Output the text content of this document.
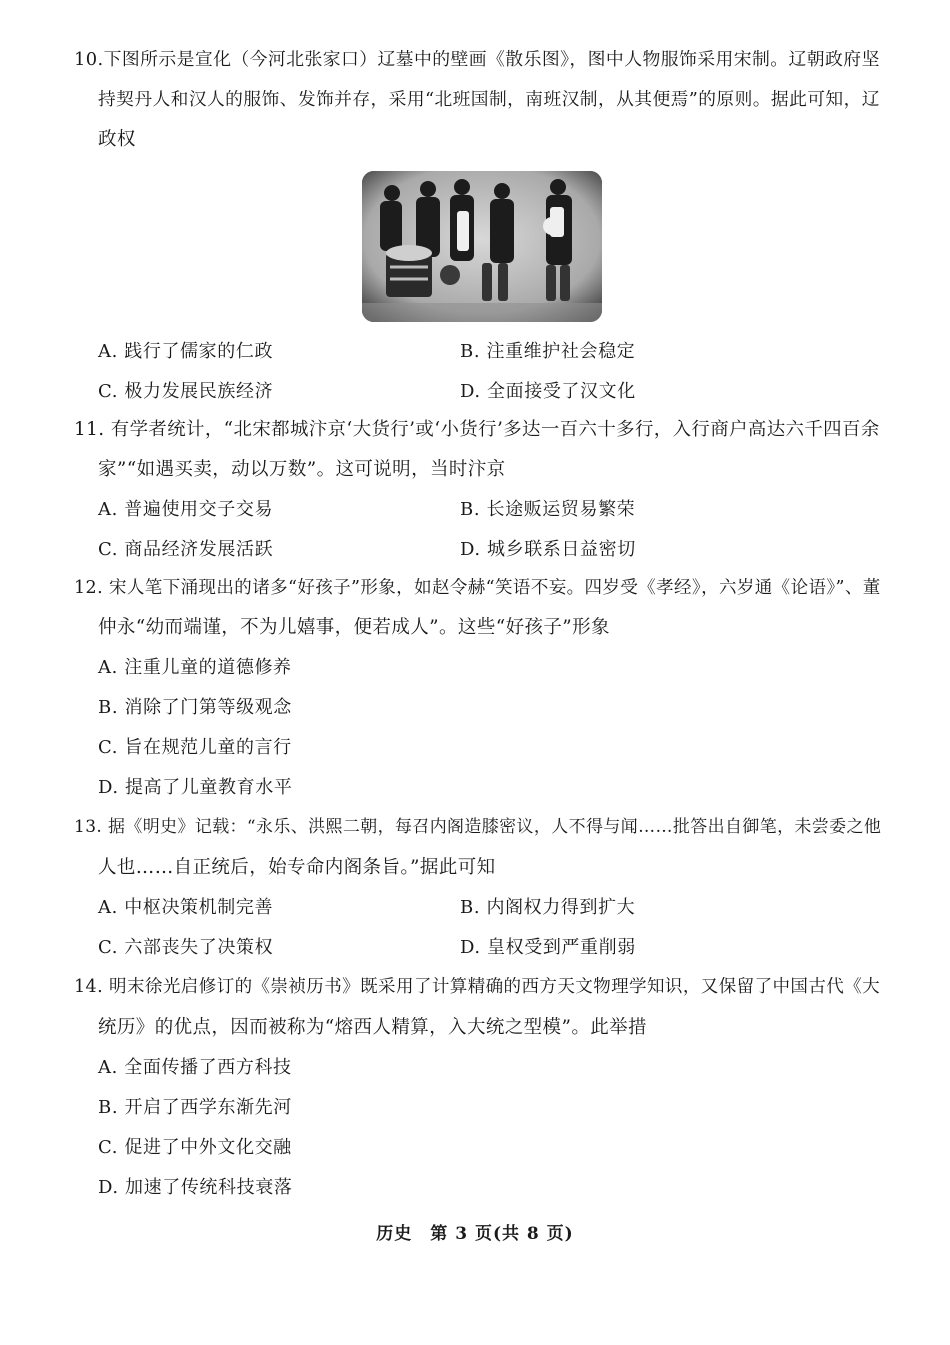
10.下图所示是宣化（今河北张家口）辽墓中的壁画《散乐图》，图中人物服饰采用宋制。辽朝政府坚
持契丹人和汉人的服饰、发饰并存，采用“北班国制，南班汉制，从其便焉”的原则。据此可知，辽
政权
A. 践行了儒家的仁政	B. 注重维护社会稳定
C. 极力发展民族经济	D. 全面接受了汉文化
11. 有学者统计，“北宋都城汴京‘大货行’或‘小货行’多达一百六十多行，入行商户高达六千四百余
家”“如遇买卖，动以万数”。这可说明，当时汴京
A. 普遍使用交子交易	B. 长途贩运贸易繁荣
C. 商品经济发展活跃	D. 城乡联系日益密切
12. 宋人笔下涌现出的诸多“好孩子”形象，如赵令赫“笑语不妄。四岁受《孝经》，六岁通《论语》”、董
仲永“幼而端谨，不为儿嬉事，便若成人”。这些“好孩子”形象
A. 注重儿童的道德修养
B. 消除了门第等级观念
C. 旨在规范儿童的言行
D. 提高了儿童教育水平
13. 据《明史》记载：“永乐、洪熙二朝，每召内阁造膝密议，人不得与闻……批答出自御笔，未尝委之他
人也……自正统后，始专命内阁条旨。”据此可知
A. 中枢决策机制完善	B. 内阁权力得到扩大
C. 六部丧失了决策权	D. 皇权受到严重削弱
14. 明末徐光启修订的《崇祯历书》既采用了计算精确的西方天文物理学知识，又保留了中国古代《大
统历》的优点，因而被称为“熔西人精算，入大统之型模”。此举措
A. 全面传播了西方科技
B. 开启了西学东渐先河
C. 促进了中外文化交融
D. 加速了传统科技衰落
历史　第 3 页(共 8 页)
